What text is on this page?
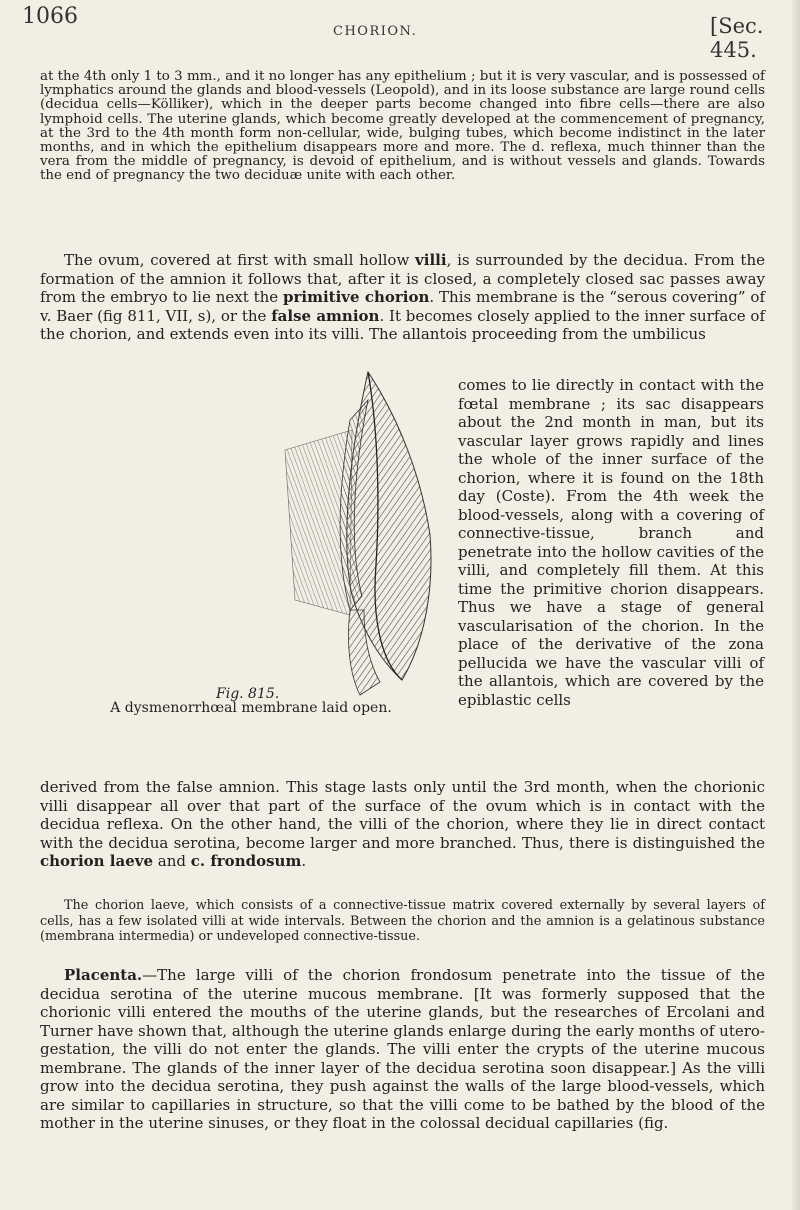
1066
CHORION.	[Sec. 445.

at the 4th only 1 to 3 mm., and it no longer has any epithelium ; but it is very vascular, and is possessed of lymphatics around the glands and blood-vessels (Leopold), and in its loose substance are large round cells (decidua cells—Kölliker), which in the deeper parts become changed into fibre cells—there are also lymphoid cells. The uterine glands, which become greatly developed at the commencement of pregnancy, at the 3rd to the 4th month form non-cellular, wide, bulging tubes, which become indistinct in the later months, and in which the epithelium disappears more and more. The d. reflexa, much thinner than the vera from the middle of pregnancy, is devoid of epithelium, and is without vessels and glands. Towards the end of pregnancy the two deciduæ unite with each other.

The ovum, covered at first with small hollow villi, is surrounded by the decidua. From the formation of the amnion it follows that, after it is closed, a completely closed sac passes away from the embryo to lie next the primitive chorion. This membrane is the “serous covering” of v. Baer (fig 811, VII, s), or the false amnion. It becomes closely applied to the inner surface of the chorion, and extends even into its villi. The allantois proceeding from the umbilicus

Fig. 815.
A dysmenorrhœal membrane laid open.

comes to lie directly in contact with the fœtal membrane ; its sac disappears about the 2nd month in man, but its vascular layer grows rapidly and lines the whole of the inner surface of the chorion, where it is found on the 18th day (Coste). From the 4th week the blood-vessels, along with a covering of connective-tissue, branch and penetrate into the hollow cavities of the villi, and completely fill them. At this time the primitive chorion disappears. Thus we have a stage of general vascularisation of the chorion. In the place of the derivative of the zona pellucida we have the vascular villi of the allantois, which are covered by the epiblastic cells

derived from the false amnion. This stage lasts only until the 3rd month, when the chorionic villi disappear all over that part of the surface of the ovum which is in contact with the decidua reflexa. On the other hand, the villi of the chorion, where they lie in direct contact with the decidua serotina, become larger and more branched. Thus, there is distinguished the chorion laeve and c. frondosum.

The chorion laeve, which consists of a connective-tissue matrix covered externally by several layers of cells, has a few isolated villi at wide intervals. Between the chorion and the amnion is a gelatinous substance (membrana intermedia) or undeveloped connective-tissue.

Placenta.—The large villi of the chorion frondosum penetrate into the tissue of the decidua serotina of the uterine mucous membrane. [It was formerly supposed that the chorionic villi entered the mouths of the uterine glands, but the researches of Ercolani and Turner have shown that, although the uterine glands enlarge during the early months of utero-gestation, the villi do not enter the glands. The villi enter the crypts of the uterine mucous membrane. The glands of the inner layer of the decidua serotina soon disappear.] As the villi grow into the decidua serotina, they push against the walls of the large blood-vessels, which are similar to capillaries in structure, so that the villi come to be bathed by the blood of the mother in the uterine sinuses, or they float in the colossal decidual capillaries (fig.
